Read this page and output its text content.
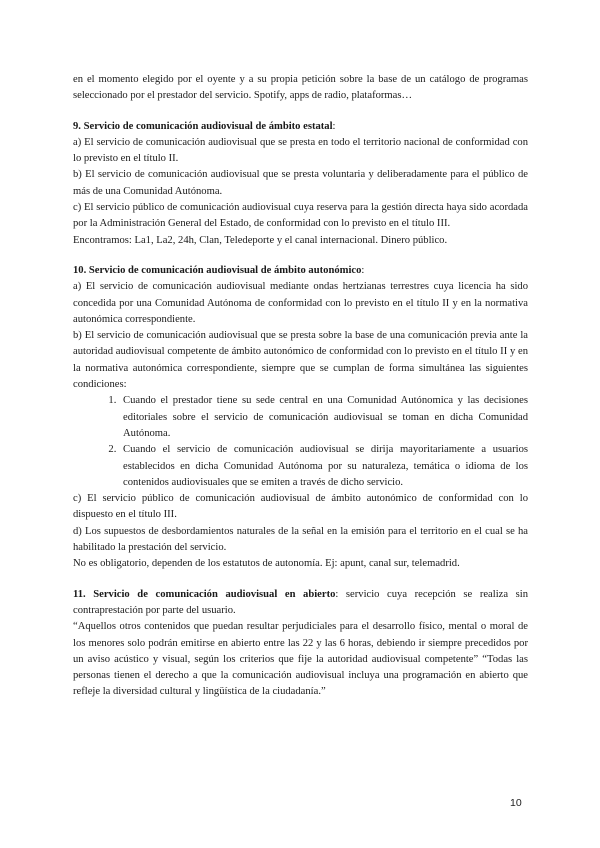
en el momento elegido por el oyente y a su propia petición sobre la base de un catálogo de programas seleccionado por el prestador del servicio. Spotify, apps de radio, plataformas…

9. Servicio de comunicación audiovisual de ámbito estatal:

a) El servicio de comunicación audiovisual que se presta en todo el territorio nacional de conformidad con lo previsto en el título II.

b) El servicio de comunicación audiovisual que se presta voluntaria y deliberadamente para el público de más de una Comunidad Autónoma.

c) El servicio público de comunicación audiovisual cuya reserva para la gestión directa haya sido acordada por la Administración General del Estado, de conformidad con lo previsto en el título III.

Encontramos: La1, La2, 24h, Clan, Teledeporte y el canal internacional. Dinero público.

10. Servicio de comunicación audiovisual de ámbito autonómico:

a) El servicio de comunicación audiovisual mediante ondas hertzianas terrestres cuya licencia ha sido concedida por una Comunidad Autónoma de conformidad con lo previsto en el título II y en la normativa autonómica correspondiente.

b) El servicio de comunicación audiovisual que se presta sobre la base de una comunicación previa ante la autoridad audiovisual competente de ámbito autonómico de conformidad con lo previsto en el título II y en la normativa autonómica correspondiente, siempre que se cumplan de forma simultánea las siguientes condiciones:

1. Cuando el prestador tiene su sede central en una Comunidad Autónomica y las decisiones editoriales sobre el servicio de comunicación audiovisual se toman en dicha Comunidad Autónoma.
2. Cuando el servicio de comunicación audiovisual se dirija mayoritariamente a usuarios establecidos en dicha Comunidad Autónoma por su naturaleza, temática o idioma de los contenidos audiovisuales que se emiten a través de dicho servicio.

c) El servicio público de comunicación audiovisual de ámbito autonómico de conformidad con lo dispuesto en el título III.

d) Los supuestos de desbordamientos naturales de la señal en la emisión para el territorio en el cual se ha habilitado la prestación del servicio.

No es obligatorio, dependen de los estatutos de autonomía. Ej: apunt, canal sur, telemadrid.

11. Servicio de comunicación audiovisual en abierto: servicio cuya recepción se realiza sin contraprestación por parte del usuario.

“Aquellos otros contenidos que puedan resultar perjudiciales para el desarrollo físico, mental o moral de los menores solo podrán emitirse en abierto entre las 22 y las 6 horas, debiendo ir siempre precedidos por un aviso acústico y visual, según los criterios que fije la autoridad audiovisual competente” “Todas las personas tienen el derecho a que la comunicación audiovisual incluya una programación en abierto que refleje la diversidad cultural y lingüística de la ciudadanía.”

10
